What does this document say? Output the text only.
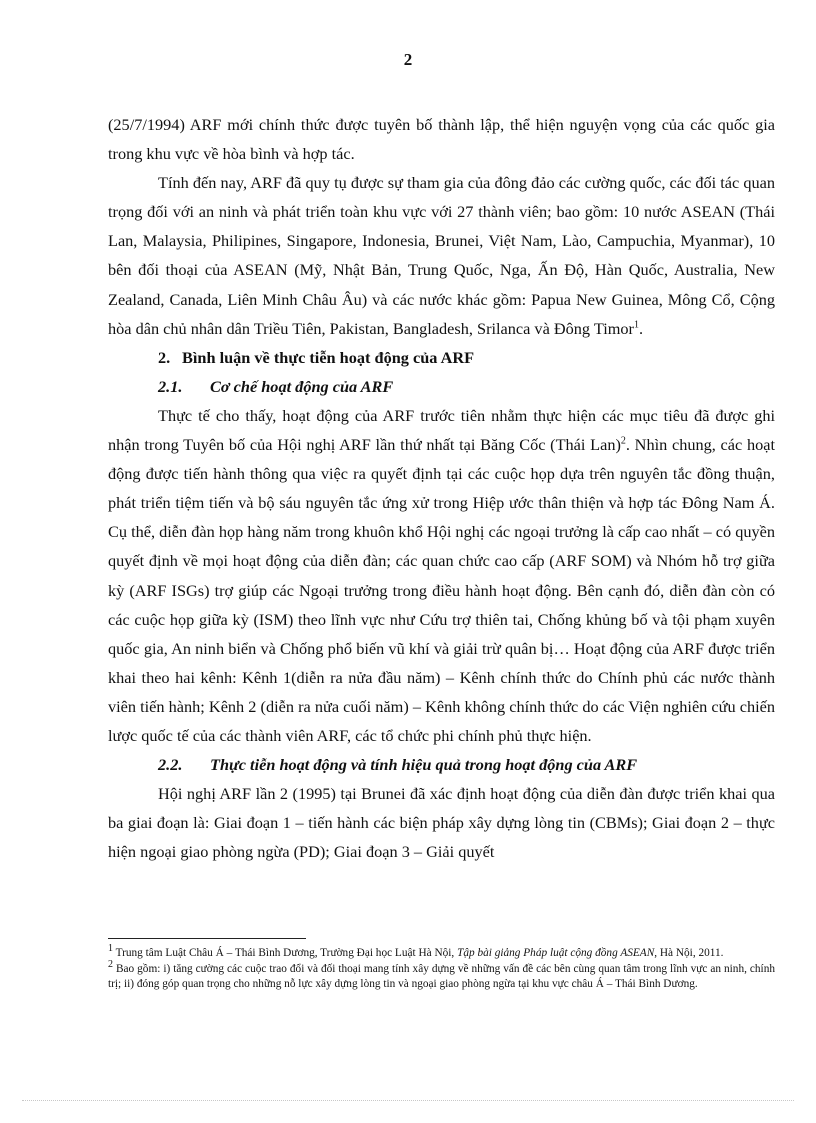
2

(25/7/1994) ARF mới chính thức được tuyên bố thành lập, thể hiện nguyện vọng của các quốc gia trong khu vực về hòa bình và hợp tác.

Tính đến nay, ARF đã quy tụ được sự tham gia của đông đảo các cường quốc, các đối tác quan trọng đối với an ninh và phát triển toàn khu vực với 27 thành viên; bao gồm: 10 nước ASEAN (Thái Lan, Malaysia, Philipines, Singapore, Indonesia, Brunei, Việt Nam, Lào, Campuchia, Myanmar), 10 bên đối thoại của ASEAN (Mỹ, Nhật Bản, Trung Quốc, Nga, Ấn Độ, Hàn Quốc, Australia, New Zealand, Canada, Liên Minh Châu Âu) và các nước khác gồm: Papua New Guinea, Mông Cổ, Cộng hòa dân chủ nhân dân Triều Tiên, Pakistan, Bangladesh, Srilanca và Đông Timor$^1$.

2. Bình luận về thực tiễn hoạt động của ARF

2.1. Cơ chế hoạt động của ARF

Thực tế cho thấy, hoạt động của ARF trước tiên nhằm thực hiện các mục tiêu đã được ghi nhận trong Tuyên bố của Hội nghị ARF lần thứ nhất tại Băng Cốc (Thái Lan)$^2$. Nhìn chung, các hoạt động được tiến hành thông qua việc ra quyết định tại các cuộc họp dựa trên nguyên tắc đồng thuận, phát triển tiệm tiến và bộ sáu nguyên tắc ứng xử trong Hiệp ước thân thiện và hợp tác Đông Nam Á. Cụ thể, diễn đàn họp hàng năm trong khuôn khổ Hội nghị các ngoại trưởng là cấp cao nhất – có quyền quyết định về mọi hoạt động của diễn đàn; các quan chức cao cấp (ARF SOM) và Nhóm hỗ trợ giữa kỳ (ARF ISGs) trợ giúp các Ngoại trưởng trong điều hành hoạt động. Bên cạnh đó, diễn đàn còn có các cuộc họp giữa kỳ (ISM) theo lĩnh vực như Cứu trợ thiên tai, Chống khủng bố và tội phạm xuyên quốc gia, An ninh biển và Chống phổ biến vũ khí và giải trừ quân bị… Hoạt động của ARF được triển khai theo hai kênh: Kênh 1(diễn ra nửa đầu năm) – Kênh chính thức do Chính phủ các nước thành viên tiến hành; Kênh 2 (diễn ra nửa cuối năm) – Kênh không chính thức do các Viện nghiên cứu chiến lược quốc tế của các thành viên ARF, các tổ chức phi chính phủ thực hiện.

2.2. Thực tiễn hoạt động và tính hiệu quả trong hoạt động của ARF

Hội nghị ARF lần 2 (1995) tại Brunei đã xác định hoạt động của diễn đàn được triển khai qua ba giai đoạn là: Giai đoạn 1 – tiến hành các biện pháp xây dựng lòng tin (CBMs); Giai đoạn 2 – thực hiện ngoại giao phòng ngừa (PD); Giai đoạn 3 – Giải quyết

$^1$ Trung tâm Luật Châu Á – Thái Bình Dương, Trường Đại học Luật Hà Nội, Tập bài giảng Pháp luật cộng đồng ASEAN, Hà Nội, 2011.

$^2$ Bao gồm: i) tăng cường các cuộc trao đổi và đối thoại mang tính xây dựng về những vấn đề các bên cùng quan tâm trong lĩnh vực an ninh, chính trị; ii) đóng góp quan trọng cho những nỗ lực xây dựng lòng tin và ngoại giao phòng ngừa tại khu vực châu Á – Thái Bình Dương.
